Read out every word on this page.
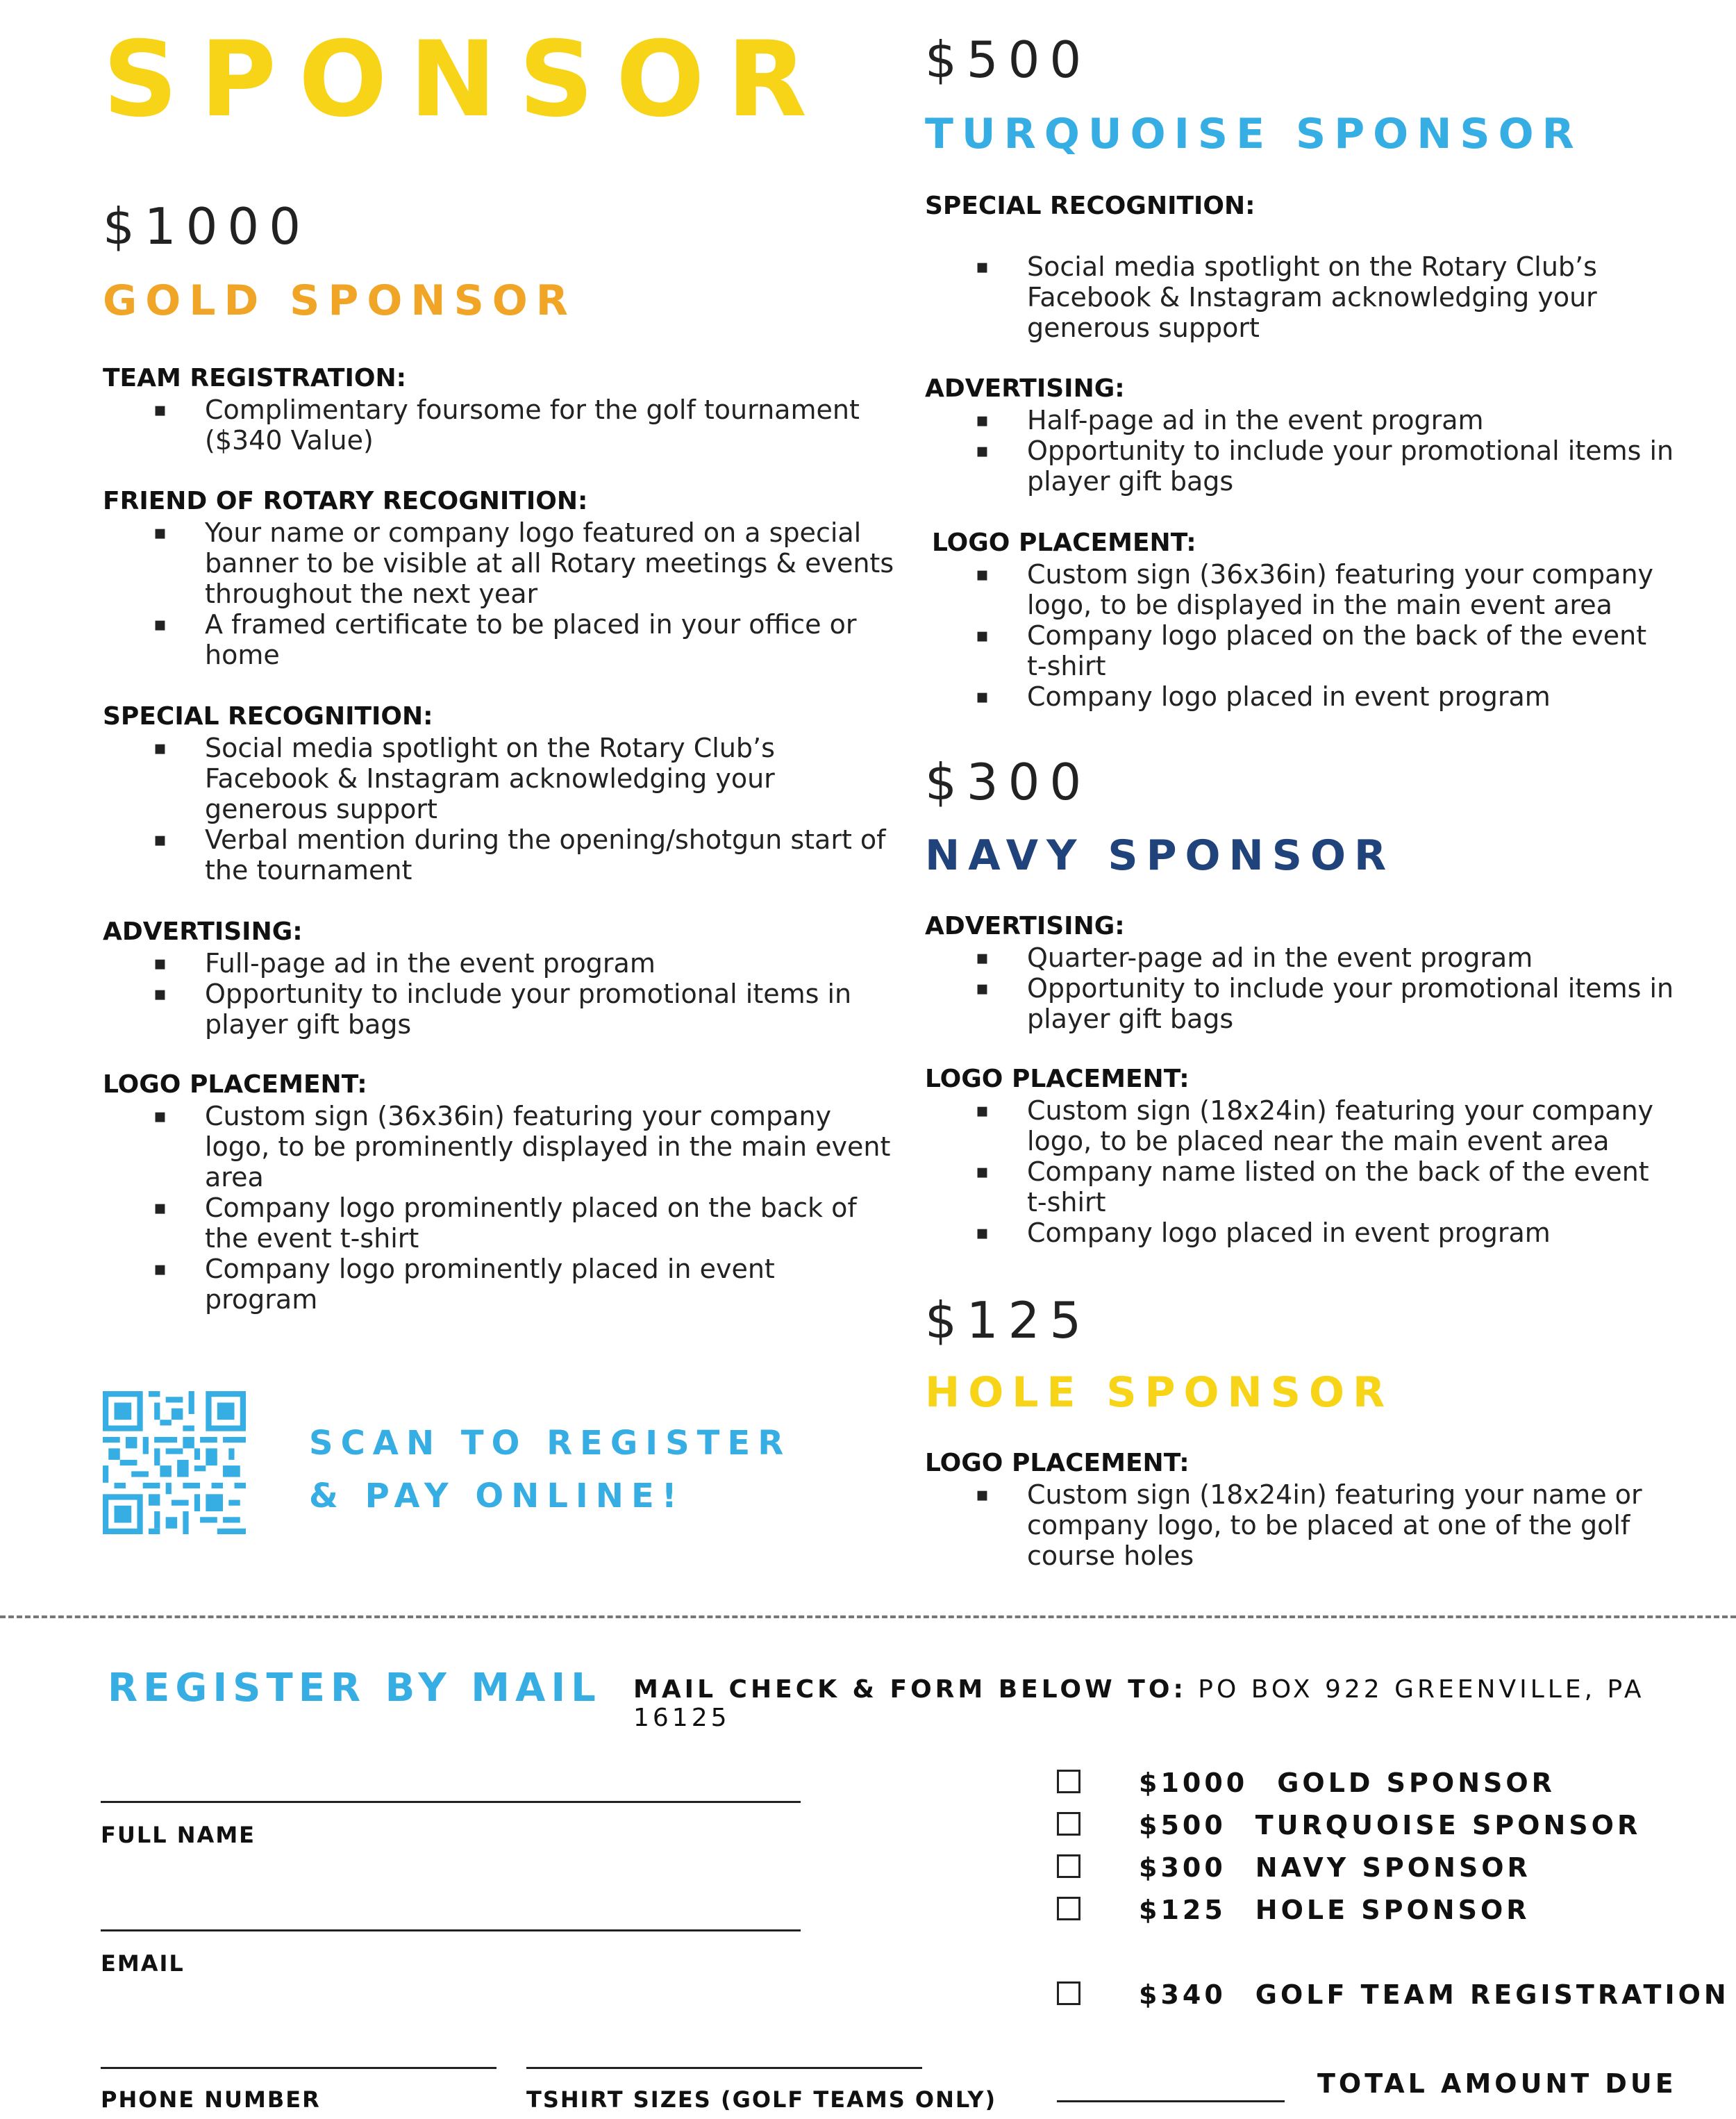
SPONSOR
$1000
GOLD SPONSOR
TEAM REGISTRATION:
▪ Complimentary foursome for the golf tournament
($340 Value)
FRIEND OF ROTARY RECOGNITION:
▪ Your name or company logo featured on a special
banner to be visible at all Rotary meetings & events
throughout the next year
▪ A framed certificate to be placed in your office or
home
SPECIAL RECOGNITION:
▪ Social media spotlight on the Rotary Club’s
Facebook & Instagram acknowledging your
generous support
▪ Verbal mention during the opening/shotgun start of
the tournament
ADVERTISING:
▪ Full-page ad in the event program
▪ Opportunity to include your promotional items in
player gift bags
LOGO PLACEMENT:
▪ Custom sign (36x36in) featuring your company
logo, to be prominently displayed in the main event
area
▪ Company logo prominently placed on the back of
the event t-shirt
▪ Company logo prominently placed in event
program
SCAN TO REGISTER
& PAY ONLINE!
$500
TURQUOISE SPONSOR
SPECIAL RECOGNITION:
▪ Social media spotlight on the Rotary Club’s
Facebook & Instagram acknowledging your
generous support
ADVERTISING:
▪ Half-page ad in the event program
▪ Opportunity to include your promotional items in
player gift bags
LOGO PLACEMENT:
▪ Custom sign (36x36in) featuring your company
logo, to be displayed in the main event area
▪ Company logo placed on the back of the event
t-shirt
▪ Company logo placed in event program
$300
NAVY SPONSOR
ADVERTISING:
▪ Quarter-page ad in the event program
▪ Opportunity to include your promotional items in
player gift bags
LOGO PLACEMENT:
▪ Custom sign (18x24in) featuring your company
logo, to be placed near the main event area
▪ Company name listed on the back of the event
t-shirt
▪ Company logo placed in event program
$125
HOLE SPONSOR
LOGO PLACEMENT:
▪ Custom sign (18x24in) featuring your name or
company logo, to be placed at one of the golf
course holes
REGISTER BY MAIL MAIL CHECK & FORM BELOW TO: PO BOX 922 GREENVILLE, PA 16125
FULL NAME
EMAIL
PHONE NUMBER	TSHIRT SIZES (GOLF TEAMS ONLY)
$1000 GOLD SPONSOR
$500 TURQUOISE SPONSOR
$300 NAVY SPONSOR
$125 HOLE SPONSOR
$340 GOLF TEAM REGISTRATION
TOTAL AMOUNT DUE
